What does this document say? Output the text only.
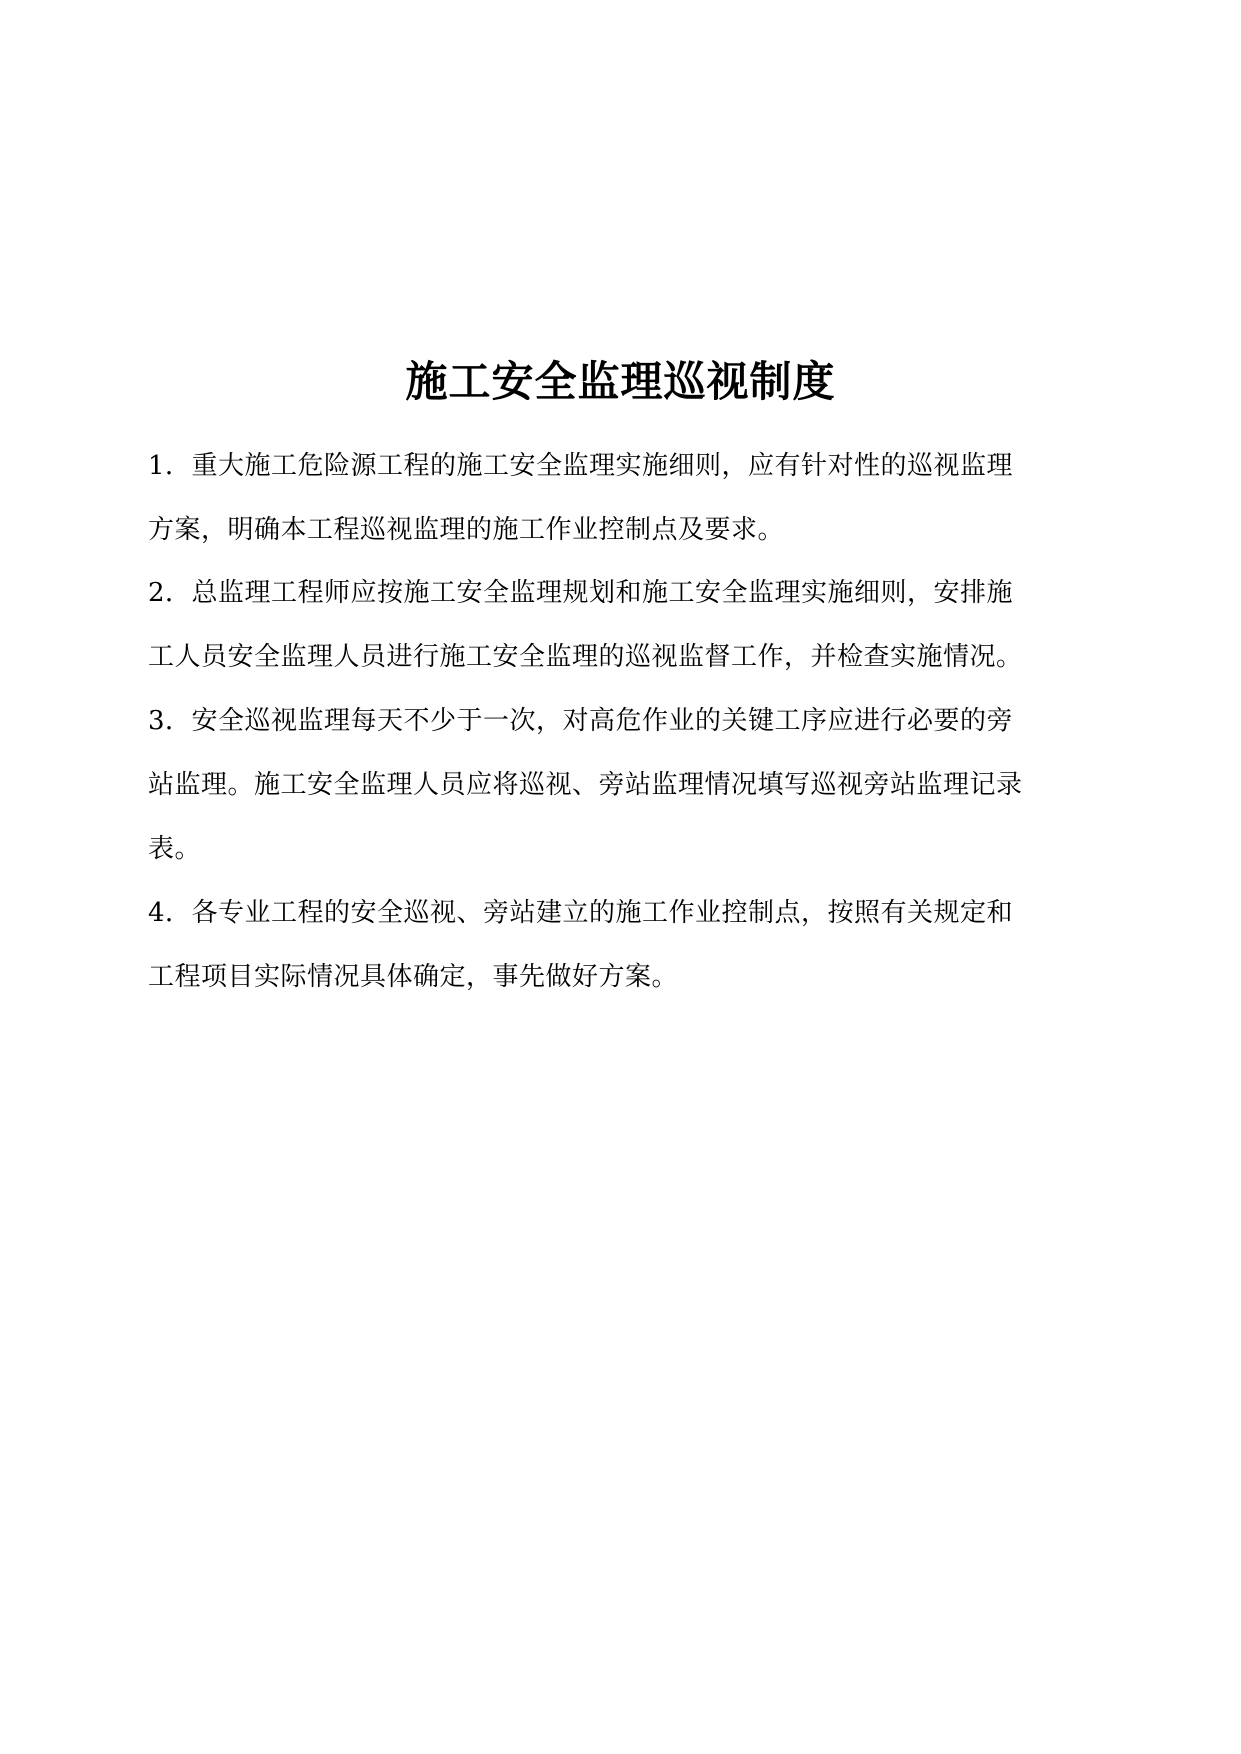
施工安全监理巡视制度
1．重大施工危险源工程的施工安全监理实施细则，应有针对性的巡视监理
方案，明确本工程巡视监理的施工作业控制点及要求。
2．总监理工程师应按施工安全监理规划和施工安全监理实施细则，安排施
工人员安全监理人员进行施工安全监理的巡视监督工作，并检查实施情况。
3．安全巡视监理每天不少于一次，对高危作业的关键工序应进行必要的旁
站监理。施工安全监理人员应将巡视、旁站监理情况填写巡视旁站监理记录
表。
4．各专业工程的安全巡视、旁站建立的施工作业控制点，按照有关规定和
工程项目实际情况具体确定，事先做好方案。
